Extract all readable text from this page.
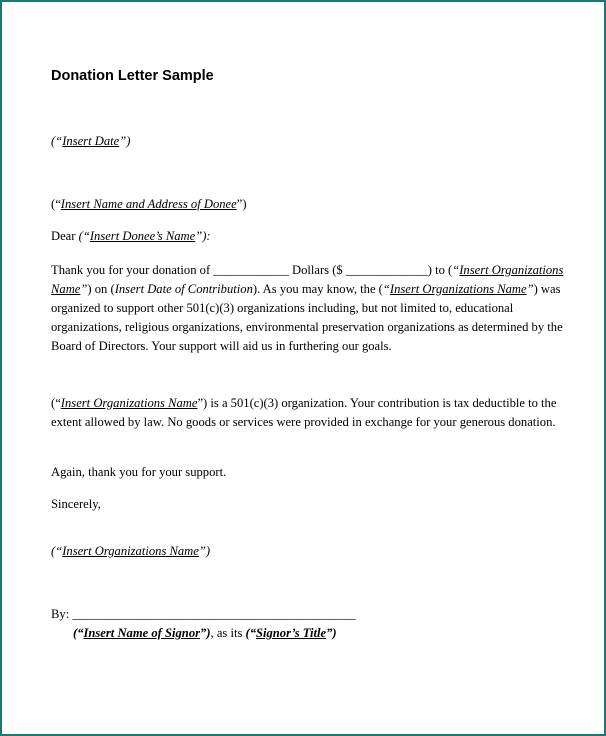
Donation Letter Sample
(“Insert Date”)
(“Insert Name and Address of Donee”)
Dear (“Insert Donee’s Name”):

Thank you for your donation of ____________ Dollars ($ _____________) to (“Insert Organizations Name”) on (Insert Date of Contribution). As you may know, the (“Insert Organizations Name”) was organized to support other 501(c)(3) organizations including, but not limited to, educational organizations, religious organizations, environmental preservation organizations as determined by the Board of Directors. Your support will aid us in furthering our goals.

(“Insert Organizations Name”) is a 501(c)(3) organization. Your contribution is tax deductible to the extent allowed by law. No goods or services were provided in exchange for your generous donation.

Again, thank you for your support.
Sincerely,
(“Insert Organizations Name”)
By: _____________________________________________
(“Insert Name of Signor”), as its (“Signor’s Title”)
